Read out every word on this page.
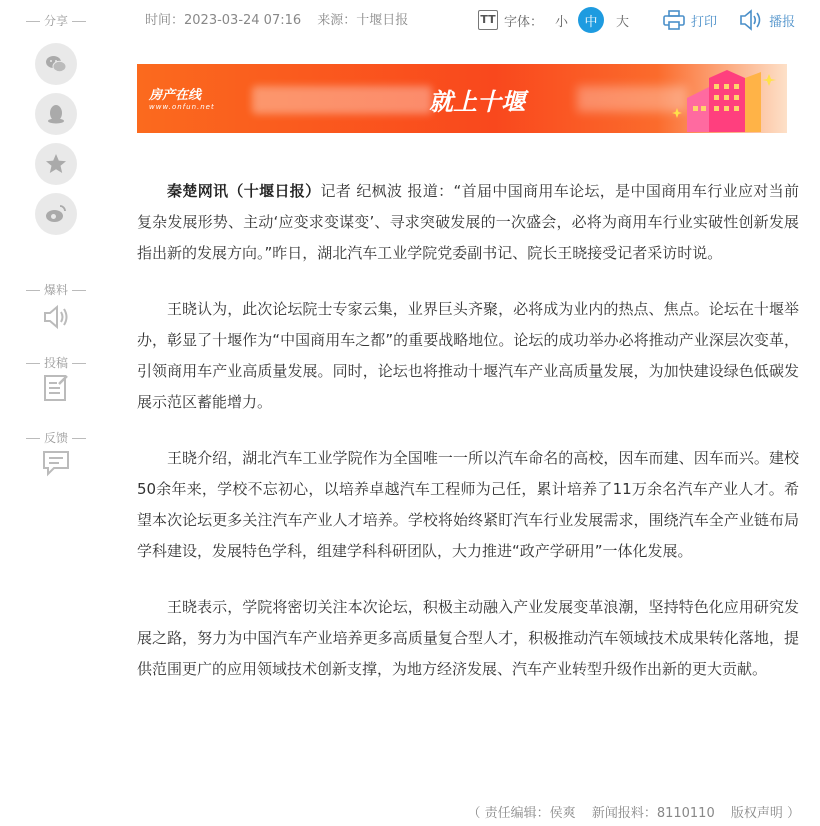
分享
爆料
投稿
反馈
时间：2023-03-24 07:16 来源：十堰日报	TT 字体： 小	中	大	打印	播报
房产在线
www.onfun.net	就上十堰

秦楚网讯（十堰日报）记者 纪枫波 报道：“首届中国商用车论坛，是中国商用车行业应对当前复杂发展形势、主动‘应变求变谋变’、寻求突破发展的一次盛会，必将为商用车行业实破性创新发展指出新的发展方向。”昨日，湖北汽车工业学院党委副书记、院长王晓接受记者采访时说。

王晓认为，此次论坛院士专家云集，业界巨头齐聚，必将成为业内的热点、焦点。论坛在十堰举办，彰显了十堰作为“中国商用车之都”的重要战略地位。论坛的成功举办必将推动产业深层次变革，引领商用车产业高质量发展。同时，论坛也将推动十堰汽车产业高质量发展，为加快建设绿色低碳发展示范区蓄能增力。

王晓介绍，湖北汽车工业学院作为全国唯一一所以汽车命名的高校，因车而建、因车而兴。建校50余年来，学校不忘初心，以培养卓越汽车工程师为己任，累计培养了11万余名汽车产业人才。希望本次论坛更多关注汽车产业人才培养。学校将始终紧盯汽车行业发展需求，围绕汽车全产业链布局学科建设，发展特色学科，组建学科科研团队，大力推进“政产学研用”一体化发展。

王晓表示，学院将密切关注本次论坛，积极主动融入产业发展变革浪潮，坚持特色化应用研究发展之路，努力为中国汽车产业培养更多高质量复合型人才，积极推动汽车领域技术成果转化落地，提供范围更广的应用领域技术创新支撑，为地方经济发展、汽车产业转型升级作出新的更大贡献。

（ 责任编辑：侯爽 新闻报料：8110110 版权声明 ）
